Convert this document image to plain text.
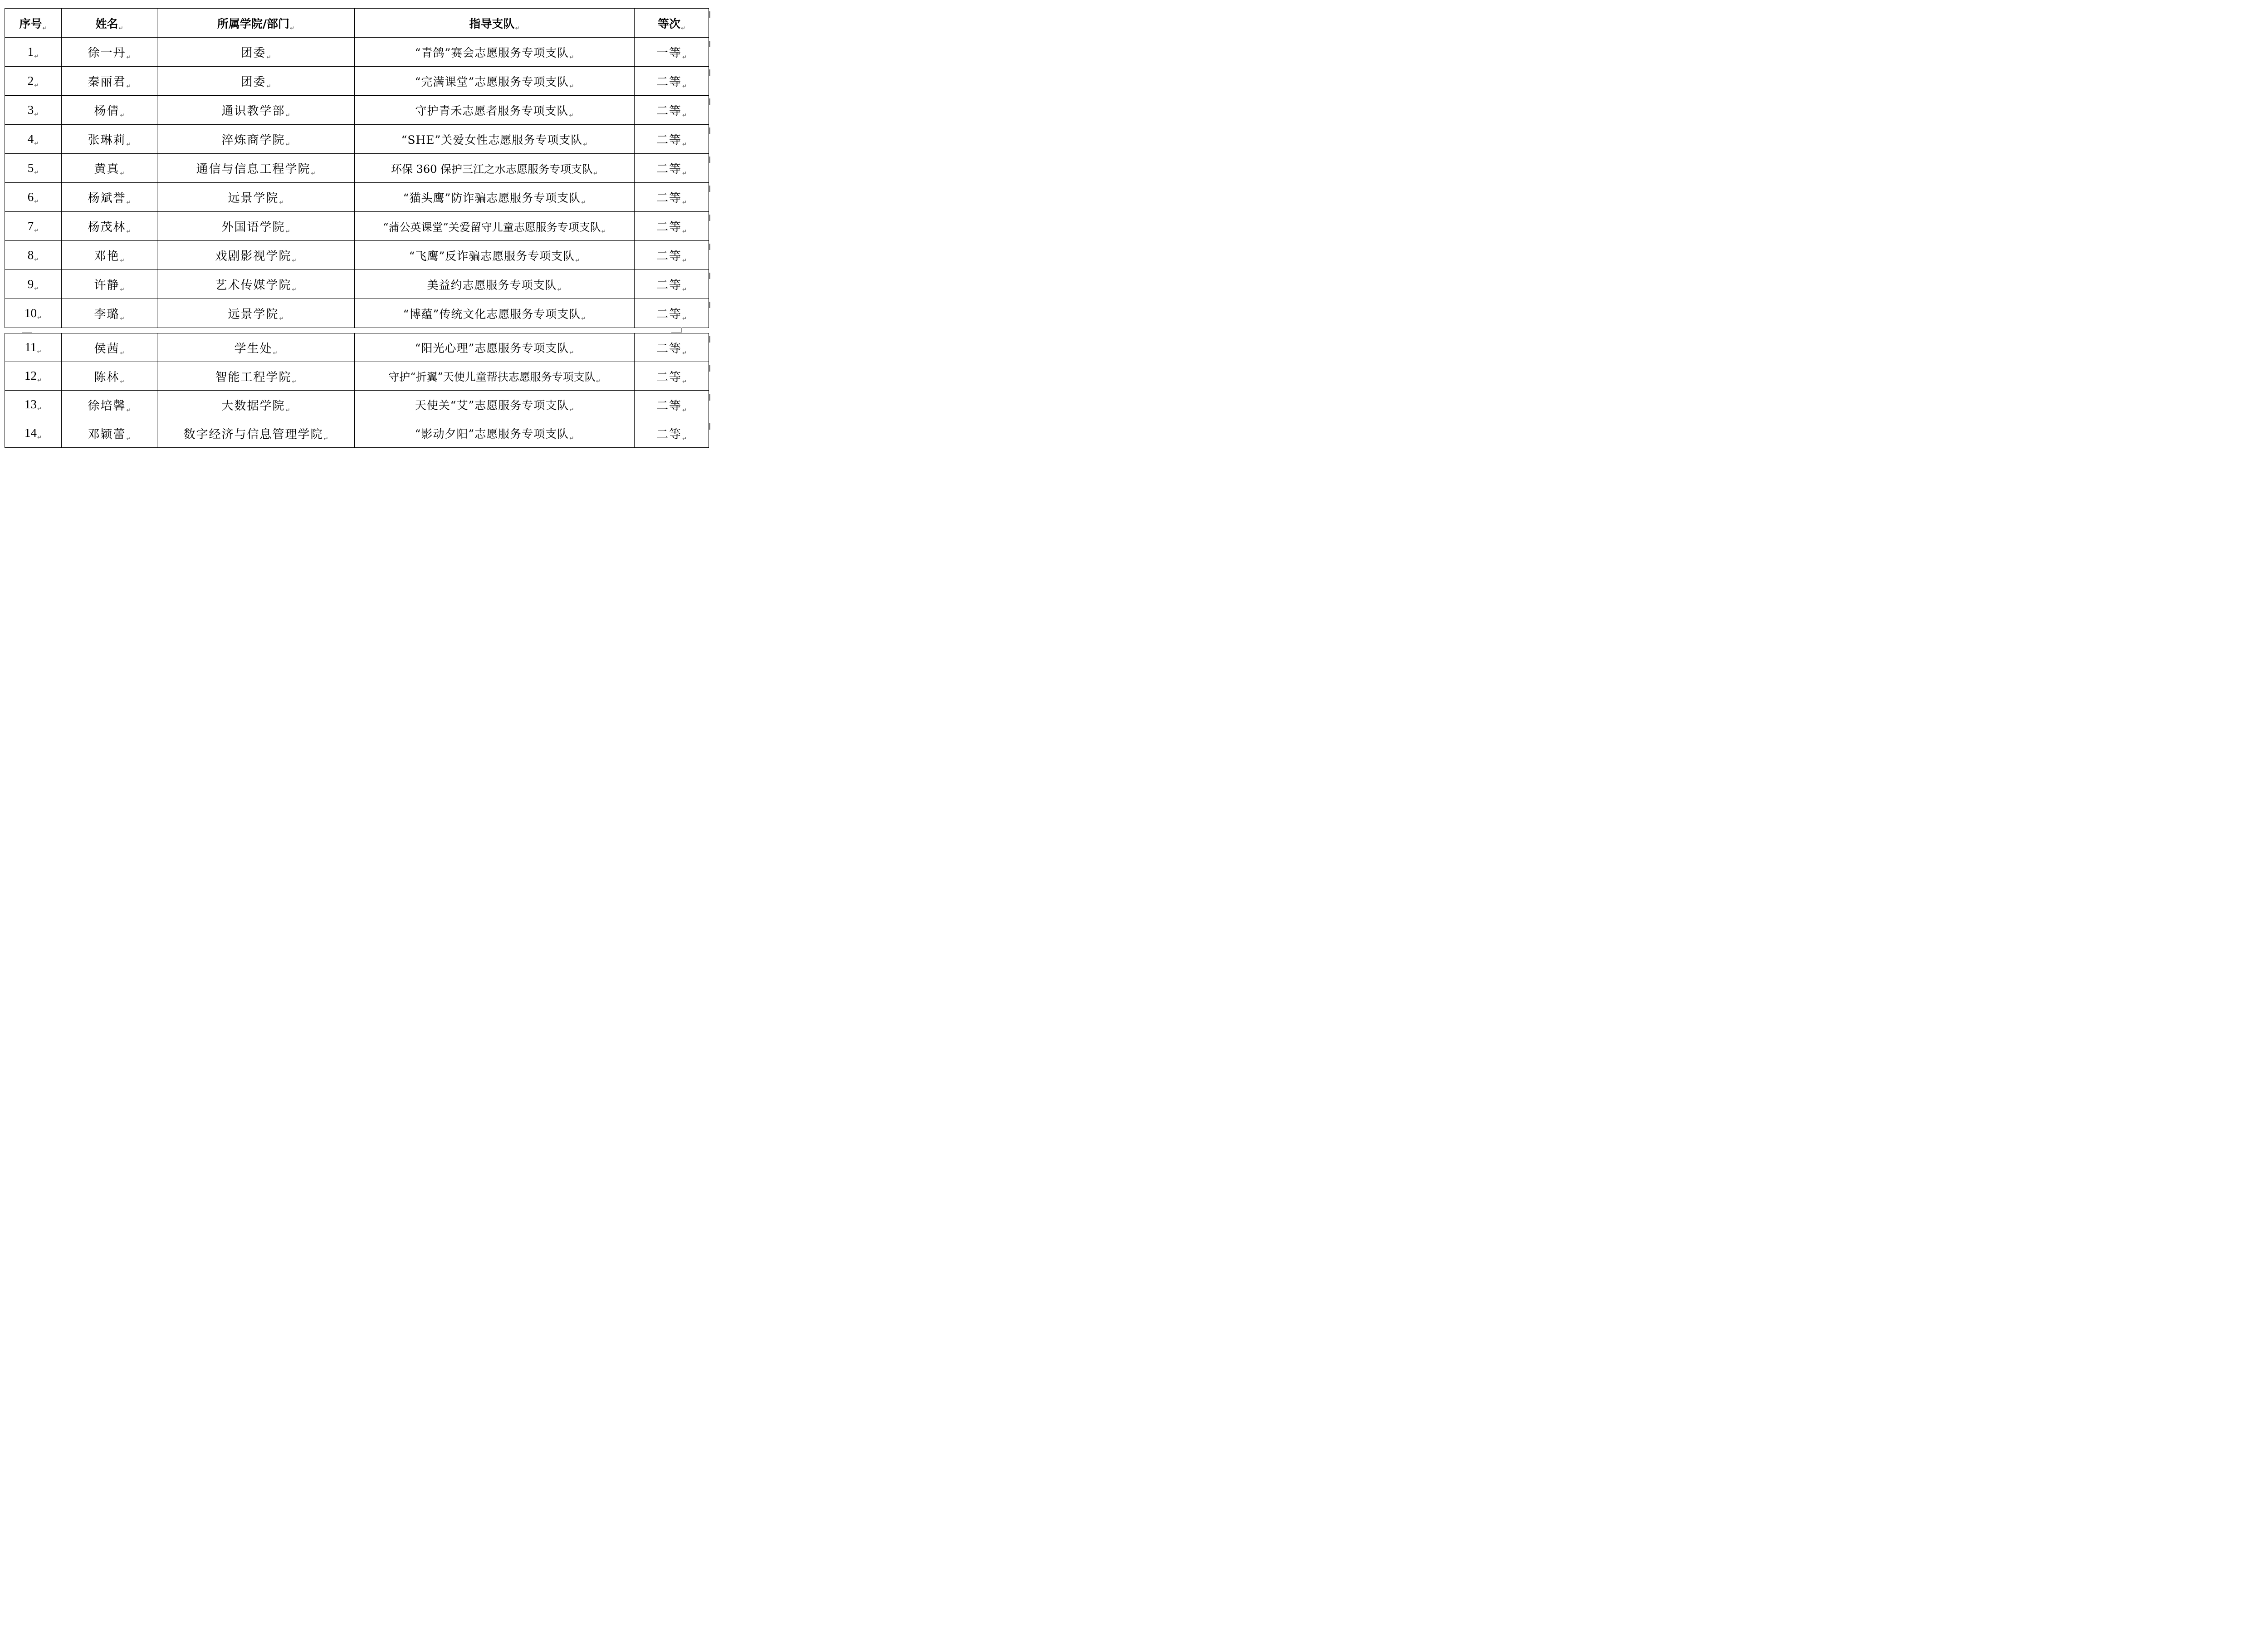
序号$_↵$	姓名$_↵$	所属学院/部门$_↵$	指导支队$_↵$	等次$_↵$
1↵	徐一丹↵	团委↵	“青鸽”赛会志愿服务专项支队↵	一等↵
2↵	秦丽君↵	团委↵	“完满课堂”志愿服务专项支队↵	二等↵
3↵	杨倩↵	通识教学部↵	守护青禾志愿者服务专项支队↵	二等↵
4↵	张琳莉↵	淬炼商学院↵	“SHE”关爱女性志愿服务专项支队↵	二等↵
5↵	黄真↵	通信与信息工程学院↵	环保 360 保护三江之水志愿服务专项支队↵	二等↵
6↵	杨斌誉↵	远景学院↵	“猫头鹰”防诈骗志愿服务专项支队↵	二等↵
7↵	杨茂林↵	外国语学院↵	“蒲公英课堂”关爱留守儿童志愿服务专项支队↵	二等↵
8↵	邓艳↵	戏剧影视学院↵	“飞鹰”反诈骗志愿服务专项支队↵	二等↵
9↵	许静↵	艺术传媒学院↵	美益约志愿服务专项支队↵	二等↵
10↵	李璐↵	远景学院↵	“博蕴”传统文化志愿服务专项支队↵	二等↵
11↵	侯茜↵	学生处↵	“阳光心理”志愿服务专项支队↵	二等↵
12↵	陈林↵	智能工程学院↵	守护“折翼”天使儿童帮扶志愿服务专项支队↵	二等↵
13↵	徐培馨↵	大数据学院↵	天使关“艾”志愿服务专项支队↵	二等↵
14↵	邓颖蕾↵	数字经济与信息管理学院↵	“影动夕阳”志愿服务专项支队↵	二等↵
